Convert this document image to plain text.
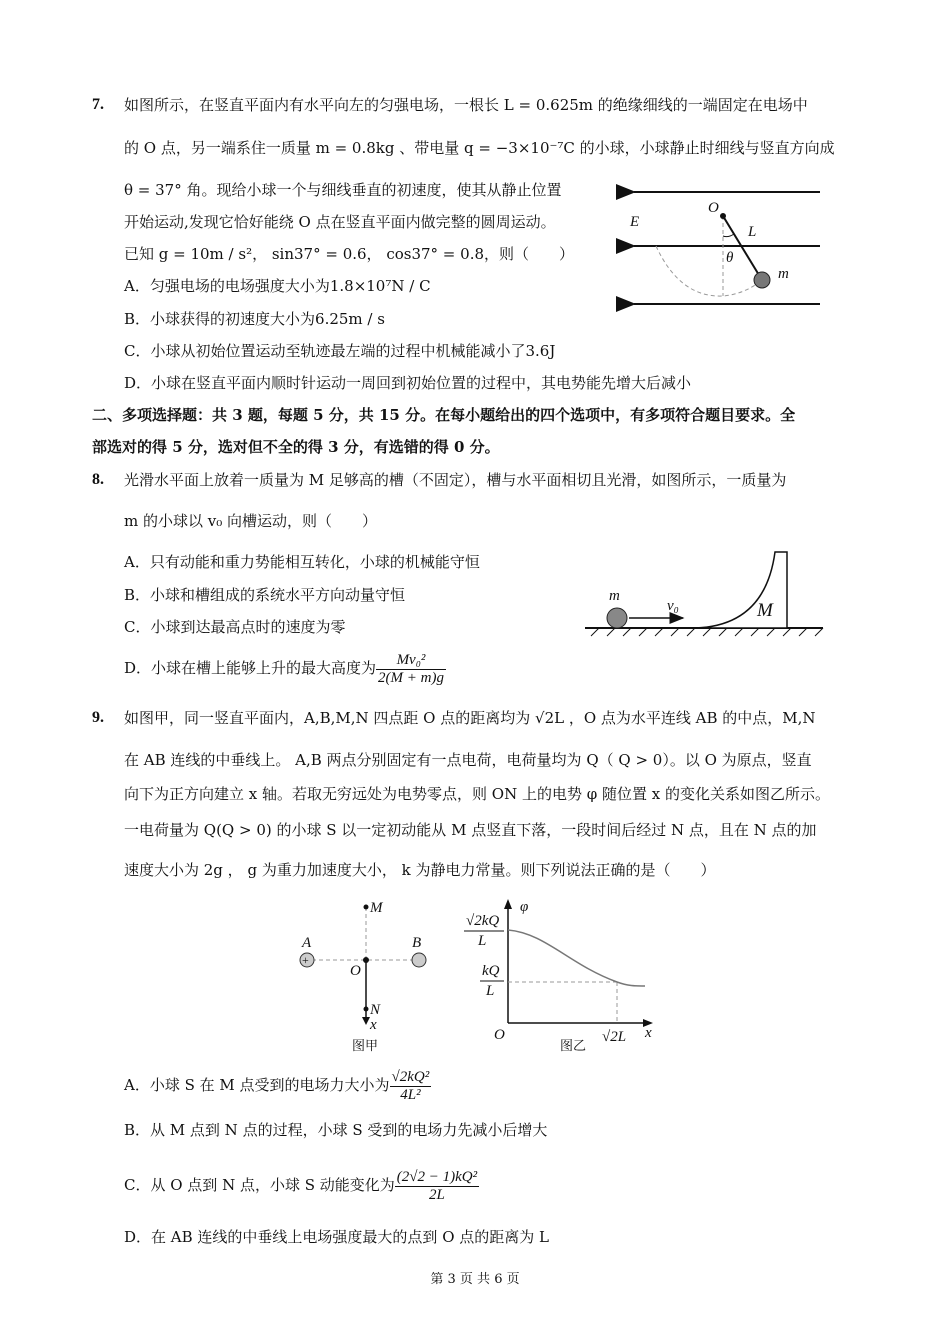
7. 如图所示，在竖直平面内有水平向左的匀强电场，一根长 L = 0.625m 的绝缘细线的一端固定在电场中
的 O 点，另一端系住一质量 m = 0.8kg 、带电量 q = −3×10⁻⁷C 的小球，小球静止时细线与竖直方向成
θ = 37° 角。现给小球一个与细线垂直的初速度，使其从静止位置
开始运动,发现它恰好能绕 O 点在竖直平面内做完整的圆周运动。
已知 g = 10m / s²， sin37° = 0.6， cos37° = 0.8，则（　　）
A．匀强电场的电场强度大小为1.8×10⁷N / C
B．小球获得的初速度大小为6.25m / s
C．小球从初始位置运动至轨迹最左端的过程中机械能减小了3.6J
D．小球在竖直平面内顺时针运动一周回到初始位置的过程中，其电势能先增大后减小
O
E
L
θ
m
二、多项选择题：共 3 题，每题 5 分，共 15 分。在每小题给出的四个选项中，有多项符合题目要求。全
部选对的得 5 分，选对但不全的得 3 分，有选错的得 0 分。
8. 光滑水平面上放着一质量为 M 足够高的槽（不固定），槽与水平面相切且光滑，如图所示，一质量为
m 的小球以 v₀ 向槽运动，则（　　）
A．只有动能和重力势能相互转化，小球的机械能守恒
B．小球和槽组成的系统水平方向动量守恒
C．小球到达最高点时的速度为零
D．小球在槽上能够上升的最大高度为 $\frac{\text{Mv₀²}}{2(M + m)g}$
m
v₀	M
9. 如图甲，同一竖直平面内，A,B,M,N 四点距 O 点的距离均为 √2L ，O 点为水平连线 AB 的中点，M,N
在 AB 连线的中垂线上。 A,B 两点分别固定有一点电荷，电荷量均为 Q（ Q > 0）。以 O 为原点，竖直
向下为正方向建立 x 轴。若取无穷远处为电势零点，则 ON 上的电势 φ 随位置 x 的变化关系如图乙所示。
一电荷量为 Q(Q > 0) 的小球 S 以一定初动能从 M 点竖直下落，一段时间后经过 N 点，且在 N 点的加
速度大小为 2g ， g 为重力加速度大小， k 为静电力常量。则下列说法正确的是（　　）
+
M
A	B
O
N
x
图甲
φ
√2kQ
L
kQ
L
O	√2L x
图乙
A．小球 S 在 M 点受到的电场力大小为 $\frac{\text{√2kQ²}}{\text{4L²}}$
B．从 M 点到 N 点的过程，小球 S 受到的电场力先减小后增大
C．从 O 点到 N 点，小球 S 动能变化为 $\frac{\text{(2√2 − 1)kQ²}}{2L}$
D．在 AB 连线的中垂线上电场强度最大的点到 O 点的距离为 L
第 3 页 共 6 页
